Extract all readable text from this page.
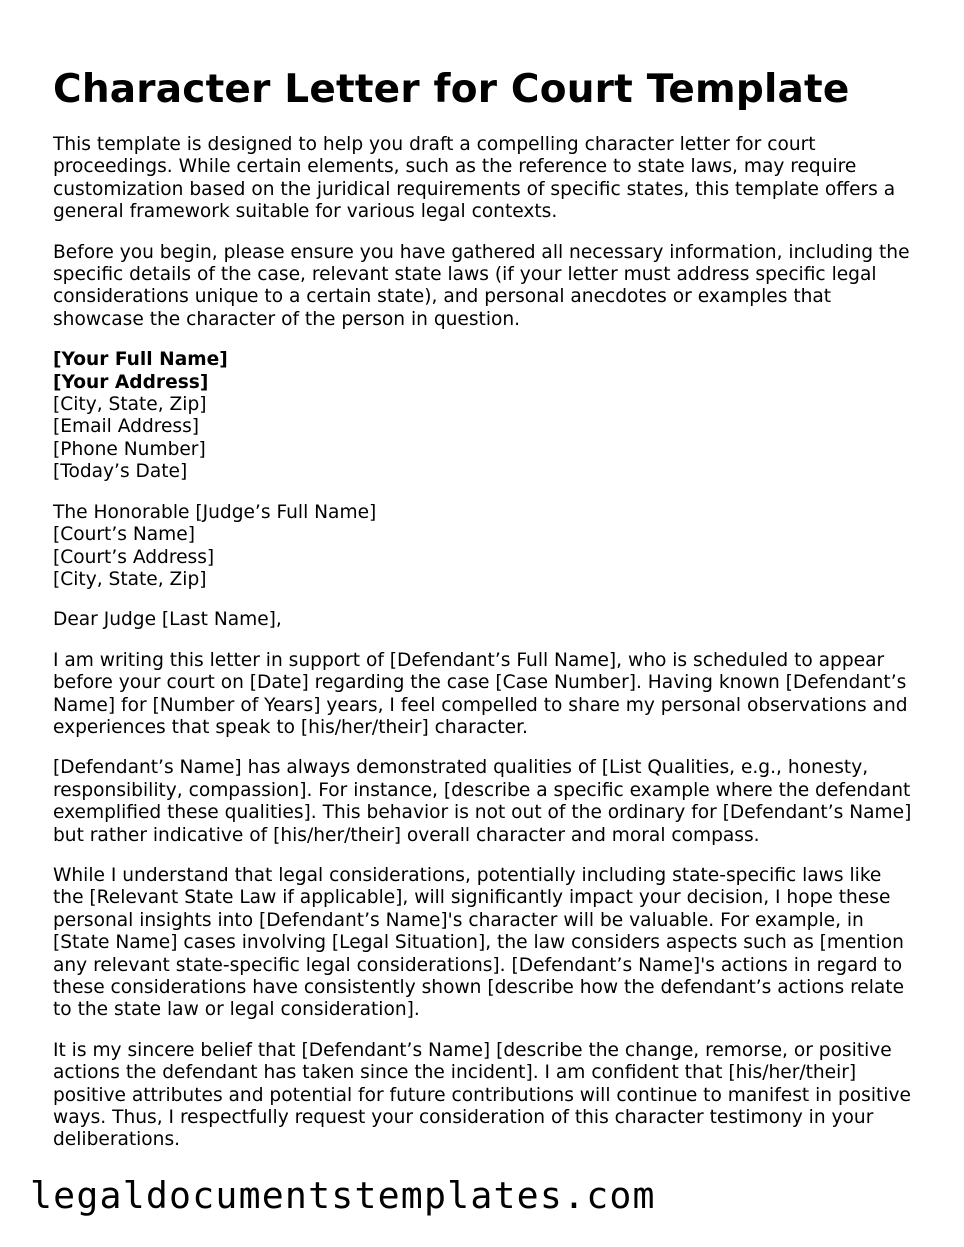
Character Letter for Court Template

This template is designed to help you draft a compelling character letter for court proceedings. While certain elements, such as the reference to state laws, may require customization based on the juridical requirements of specific states, this template offers a general framework suitable for various legal contexts.

Before you begin, please ensure you have gathered all necessary information, including the specific details of the case, relevant state laws (if your letter must address specific legal considerations unique to a certain state), and personal anecdotes or examples that showcase the character of the person in question.

[Your Full Name]
[Your Address]
[City, State, Zip]
[Email Address]
[Phone Number]
[Today’s Date]
The Honorable [Judge’s Full Name]
[Court’s Name]
[Court’s Address]
[City, State, Zip]

Dear Judge [Last Name],

I am writing this letter in support of [Defendant’s Full Name], who is scheduled to appear before your court on [Date] regarding the case [Case Number]. Having known [Defendant’s Name] for [Number of Years] years, I feel compelled to share my personal observations and experiences that speak to [his/her/their] character.

[Defendant’s Name] has always demonstrated qualities of [List Qualities, e.g., honesty, responsibility, compassion]. For instance, [describe a specific example where the defendant exemplified these qualities]. This behavior is not out of the ordinary for [Defendant’s Name] but rather indicative of [his/her/their] overall character and moral compass.

While I understand that legal considerations, potentially including state-specific laws like the [Relevant State Law if applicable], will significantly impact your decision, I hope these personal insights into [Defendant’s Name]'s character will be valuable. For example, in [State Name] cases involving [Legal Situation], the law considers aspects such as [mention any relevant state-specific legal considerations]. [Defendant’s Name]'s actions in regard to these considerations have consistently shown [describe how the defendant’s actions relate to the state law or legal consideration].

It is my sincere belief that [Defendant’s Name] [describe the change, remorse, or positive actions the defendant has taken since the incident]. I am confident that [his/her/their] positive attributes and potential for future contributions will continue to manifest in positive ways. Thus, I respectfully request your consideration of this character testimony in your deliberations.

legaldocumentstemplates.com
